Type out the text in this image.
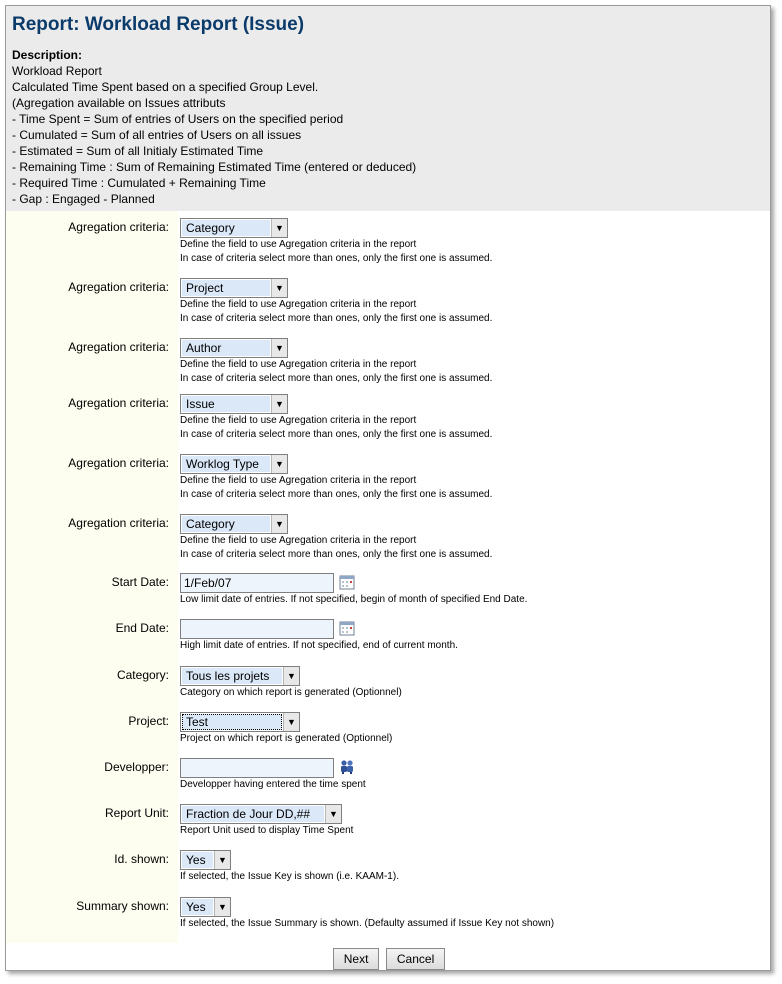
Report: Workload Report (Issue)
Description:
Workload Report
Calculated Time Spent based on a specified Group Level.
(Agregation available on Issues attributs
- Time Spent = Sum of entries of Users on the specified period
- Cumulated = Sum of all entries of Users on all issues
- Estimated = Sum of all Initialy Estimated Time
- Remaining Time : Sum of Remaining Estimated Time (entered or deduced)
- Required Time : Cumulated + Remaining Time
- Gap : Engaged - Planned
Agregation criteria:	Category	▼
Define the field to use Agregation criteria in the report
In case of criteria select more than ones, only the first one is assumed.
Agregation criteria:	Project	▼
Define the field to use Agregation criteria in the report
In case of criteria select more than ones, only the first one is assumed.
Agregation criteria:	Author	▼
Define the field to use Agregation criteria in the report
In case of criteria select more than ones, only the first one is assumed.
Agregation criteria:	Issue	▼
Define the field to use Agregation criteria in the report
In case of criteria select more than ones, only the first one is assumed.
Agregation criteria:	Worklog Type	▼
Define the field to use Agregation criteria in the report
In case of criteria select more than ones, only the first one is assumed.
Agregation criteria:	Category	▼
Define the field to use Agregation criteria in the report
In case of criteria select more than ones, only the first one is assumed.
Start Date:	1/Feb/07
Low limit date of entries. If not specified, begin of month of specified End Date.
End Date:
High limit date of entries. If not specified, end of current month.
Category:	Tous les projets	▼
Category on which report is generated (Optionnel)
Project:	Test	▼
Project on which report is generated (Optionnel)
Developper:
Developper having entered the time spent
Report Unit:	Fraction de Jour DD,##	▼
Report Unit used to display Time Spent
Id. shown:	Yes	▼
If selected, the Issue Key is shown (i.e. KAAM-1).
Summary shown:	Yes	▼
If selected, the Issue Summary is shown. (Defaulty assumed if Issue Key not shown)
Next Cancel
